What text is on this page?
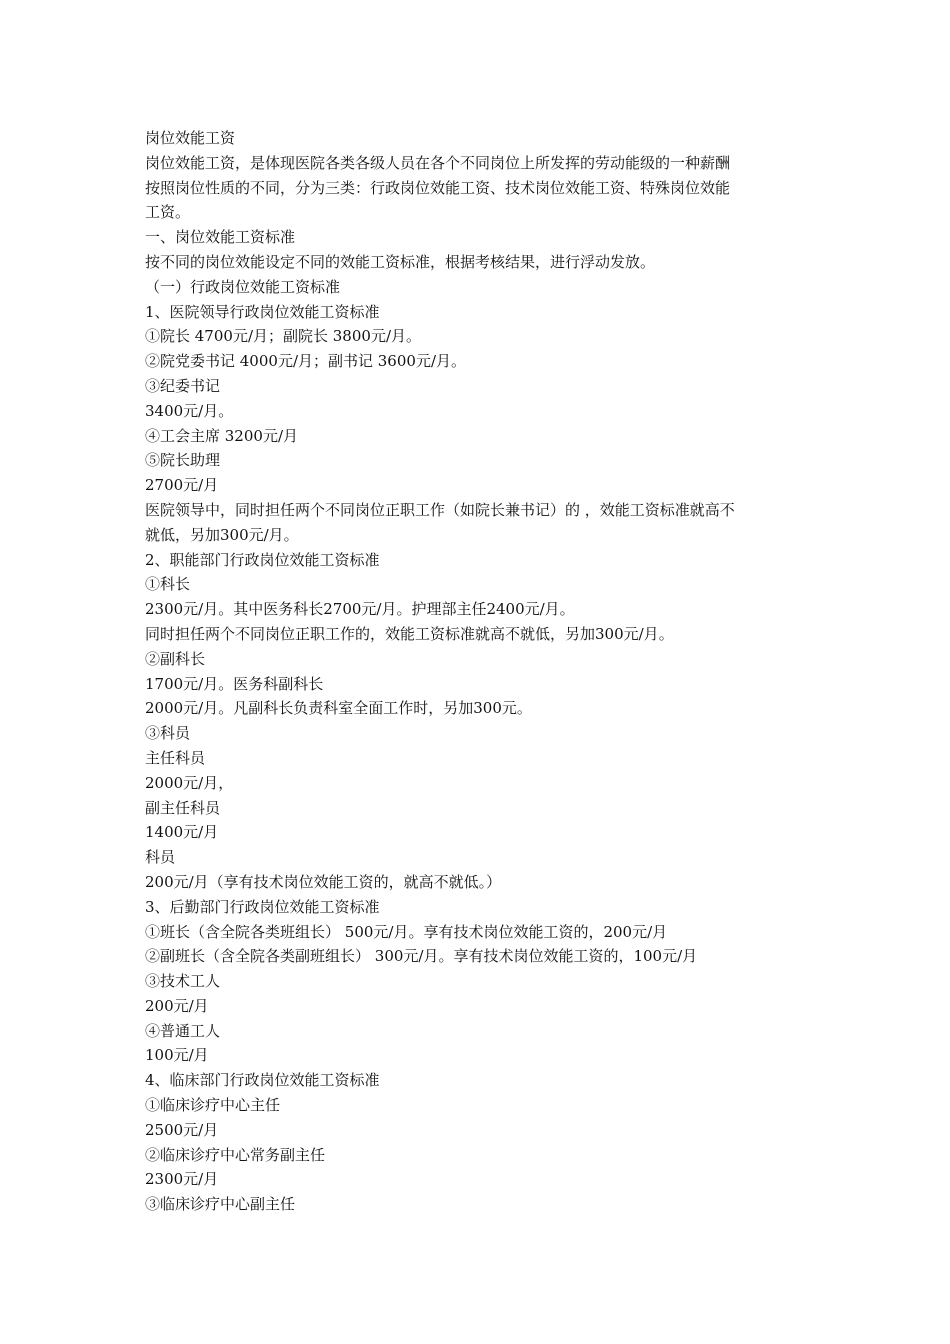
岗位效能工资
岗位效能工资，是体现医院各类各级人员在各个不同岗位上所发挥的劳动能级的一种薪酬
按照岗位性质的不同，分为三类：行政岗位效能工资、技术岗位效能工资、特殊岗位效能
工资。
一、岗位效能工资标准
按不同的岗位效能设定不同的效能工资标准，根据考核结果，进行浮动发放。
（一）行政岗位效能工资标准
1、医院领导行政岗位效能工资标准
①院长 4700元/月；副院长 3800元/月。
②院党委书记 4000元/月；副书记 3600元/月。
③纪委书记
3400元/月。
④工会主席 3200元/月
⑤院长助理
2700元/月
医院领导中，同时担任两个不同岗位正职工作（如院长兼书记）的 ，效能工资标准就高不
就低，另加300元/月。
2、职能部门行政岗位效能工资标准
①科长
2300元/月。其中医务科长2700元/月。护理部主任2400元/月。
同时担任两个不同岗位正职工作的，效能工资标准就高不就低，另加300元/月。
②副科长
1700元/月。医务科副科长
2000元/月。凡副科长负责科室全面工作时，另加300元。
③科员
主任科员
2000元/月，
副主任科员
1400元/月
科员
200元/月（享有技术岗位效能工资的，就高不就低。）
3、后勤部门行政岗位效能工资标准
①班长（含全院各类班组长） 500元/月。享有技术岗位效能工资的，200元/月
②副班长（含全院各类副班组长） 300元/月。享有技术岗位效能工资的，100元/月
③技术工人
200元/月
④普通工人
100元/月
4、临床部门行政岗位效能工资标准
①临床诊疗中心主任
2500元/月
②临床诊疗中心常务副主任
2300元/月
③临床诊疗中心副主任
